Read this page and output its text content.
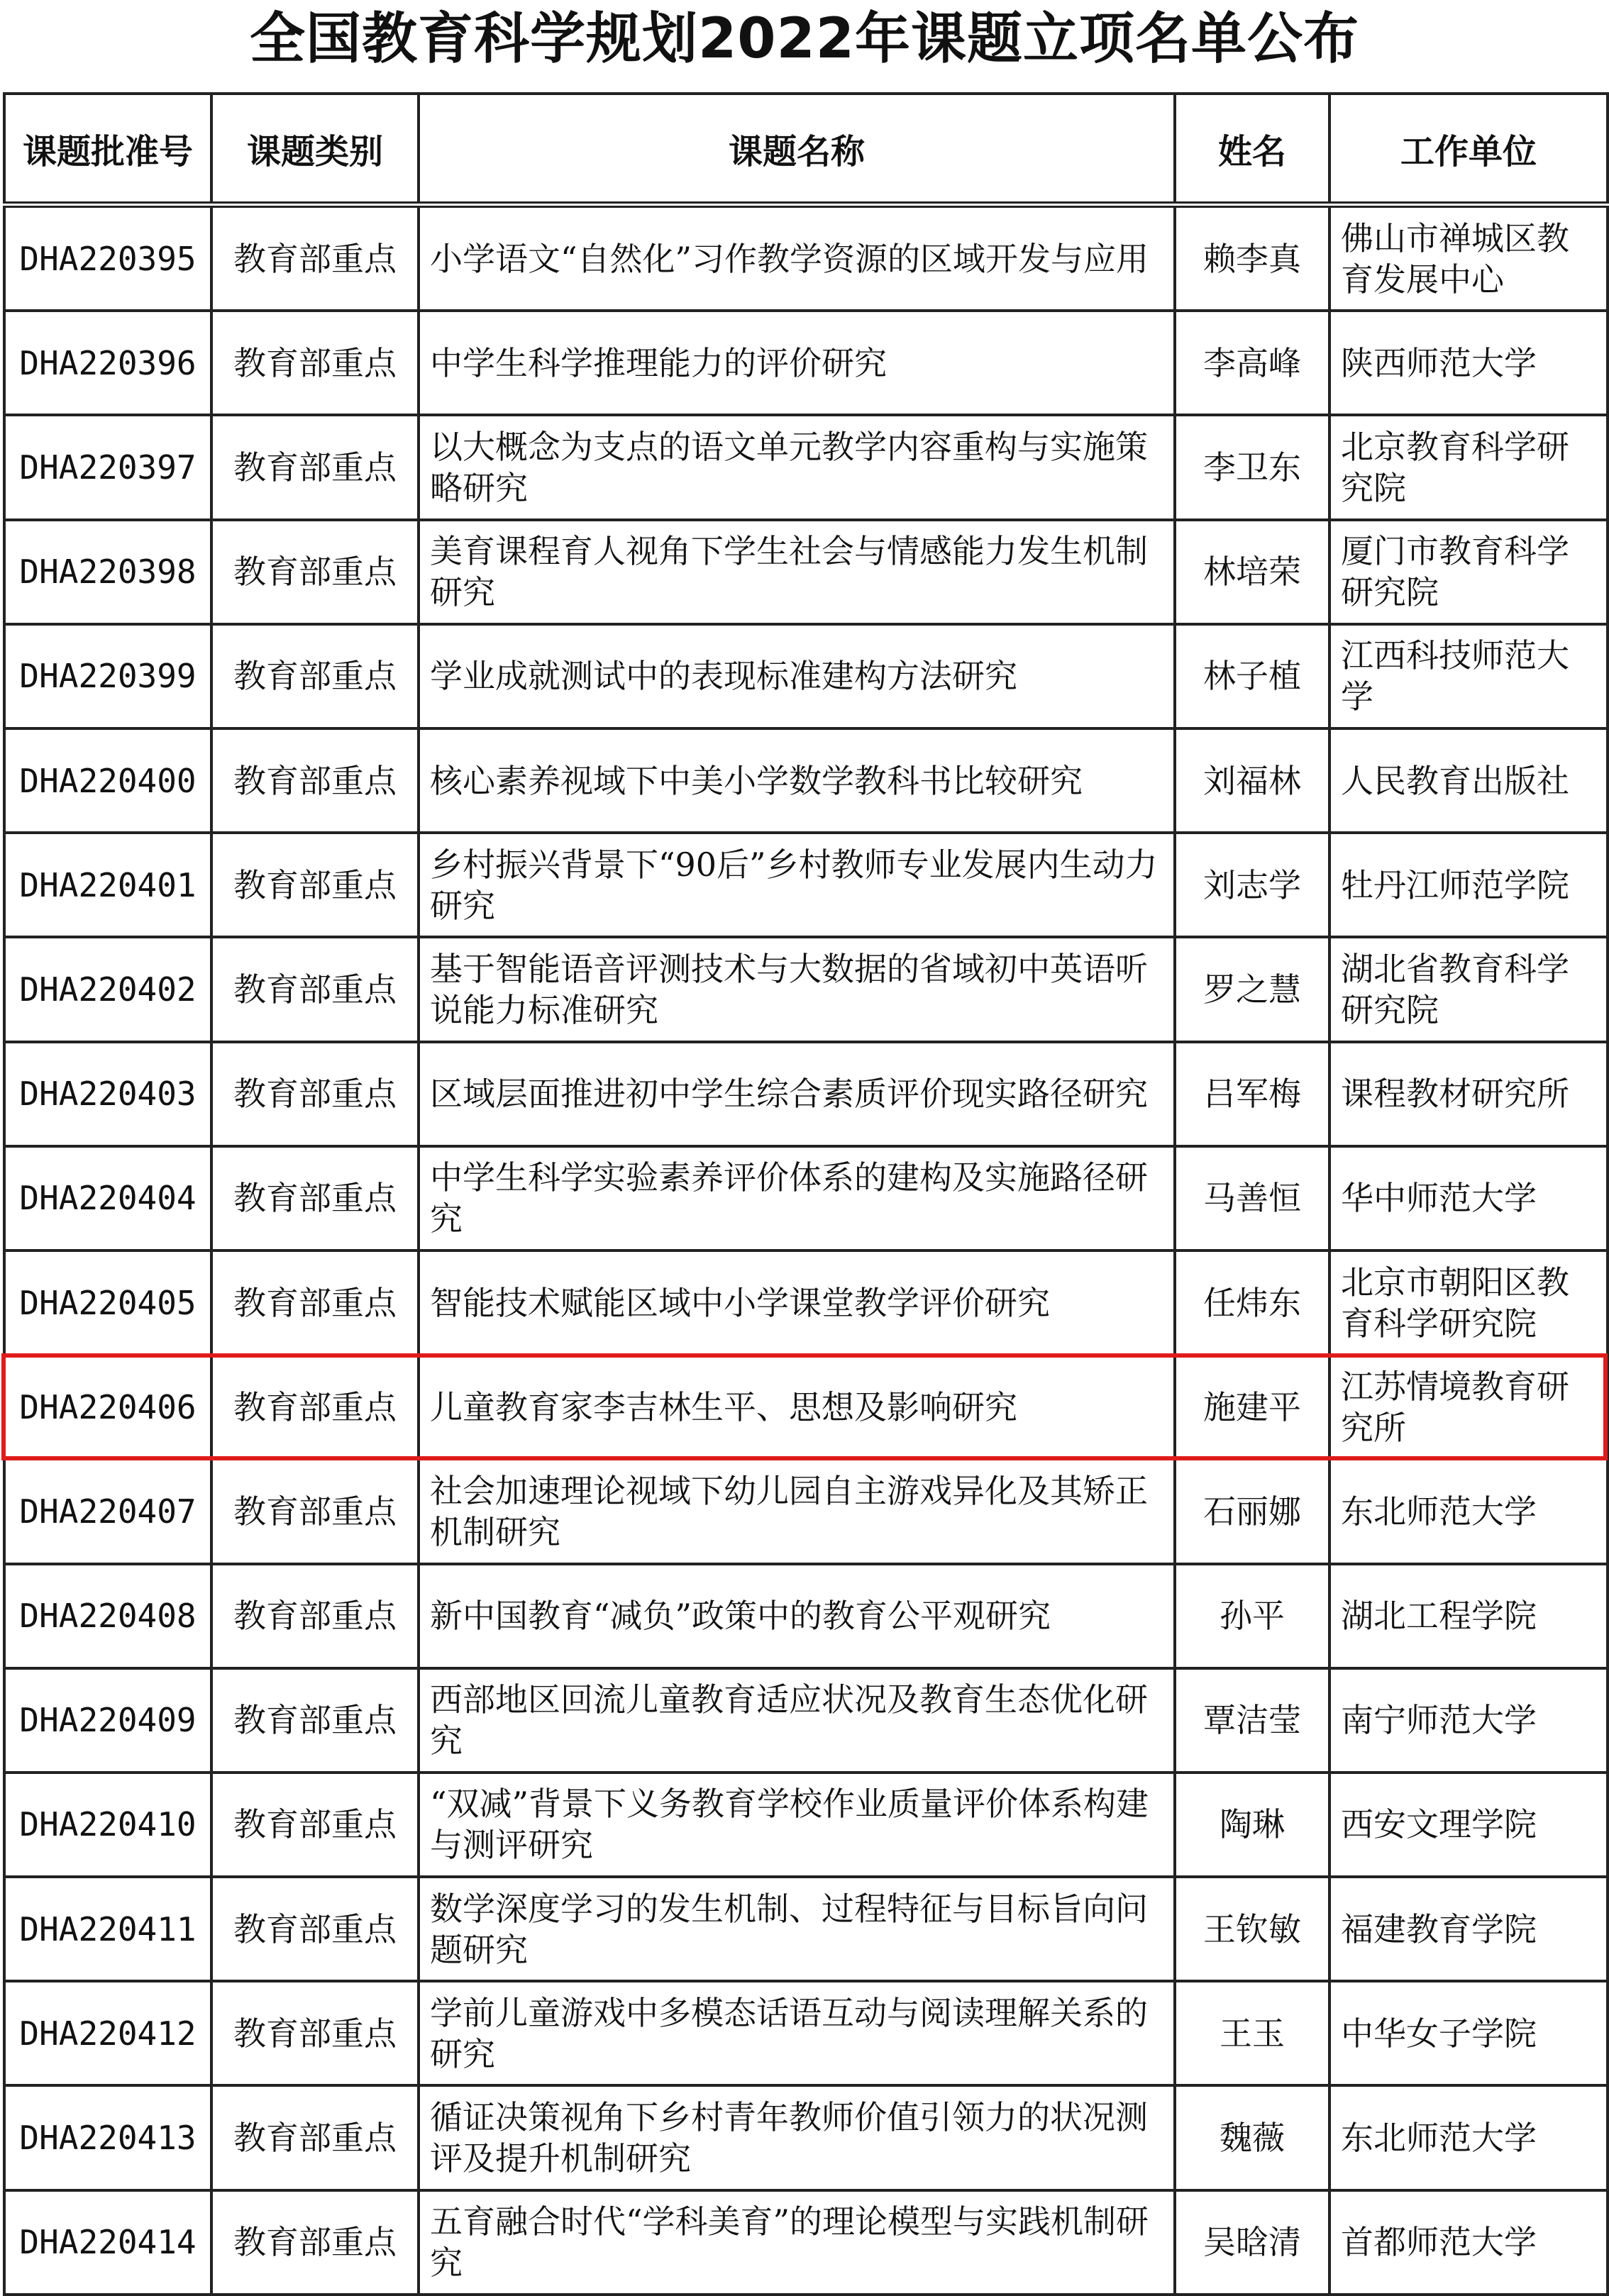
全国教育科学规划2022年课题立项名单公布
课题批准号	课题类别	课题名称	姓名	工作单位
DHA220395	教育部重点	小学语文“自然化”习作教学资源的区域开发与应用	赖李真	佛山市禅城区教育发展中心
DHA220396	教育部重点	中学生科学推理能力的评价研究	李高峰	陕西师范大学
DHA220397	教育部重点	以大概念为支点的语文单元教学内容重构与实施策略研究	李卫东	北京教育科学研究院
DHA220398	教育部重点	美育课程育人视角下学生社会与情感能力发生机制研究	林培荣	厦门市教育科学研究院
DHA220399	教育部重点	学业成就测试中的表现标准建构方法研究	林子植	江西科技师范大学
DHA220400	教育部重点	核心素养视域下中美小学数学教科书比较研究	刘福林	人民教育出版社
DHA220401	教育部重点	乡村振兴背景下“90后”乡村教师专业发展内生动力研究	刘志学	牡丹江师范学院
DHA220402	教育部重点	基于智能语音评测技术与大数据的省域初中英语听说能力标准研究	罗之慧	湖北省教育科学研究院
DHA220403	教育部重点	区域层面推进初中学生综合素质评价现实路径研究	吕军梅	课程教材研究所
DHA220404	教育部重点	中学生科学实验素养评价体系的建构及实施路径研究	马善恒	华中师范大学
DHA220405	教育部重点	智能技术赋能区域中小学课堂教学评价研究	任炜东	北京市朝阳区教育科学研究院
DHA220406	教育部重点	儿童教育家李吉林生平、思想及影响研究	施建平	江苏情境教育研究所
DHA220407	教育部重点	社会加速理论视域下幼儿园自主游戏异化及其矫正机制研究	石丽娜	东北师范大学
DHA220408	教育部重点	新中国教育“减负”政策中的教育公平观研究	孙平	湖北工程学院
DHA220409	教育部重点	西部地区回流儿童教育适应状况及教育生态优化研究	覃洁莹	南宁师范大学
DHA220410	教育部重点	“双减”背景下义务教育学校作业质量评价体系构建与测评研究	陶琳	西安文理学院
DHA220411	教育部重点	数学深度学习的发生机制、过程特征与目标旨向问题研究	王钦敏	福建教育学院
DHA220412	教育部重点	学前儿童游戏中多模态话语互动与阅读理解关系的研究	王玉	中华女子学院
DHA220413	教育部重点	循证决策视角下乡村青年教师价值引领力的状况测评及提升机制研究	魏薇	东北师范大学
DHA220414	教育部重点	五育融合时代“学科美育”的理论模型与实践机制研究	吴晗清	首都师范大学
